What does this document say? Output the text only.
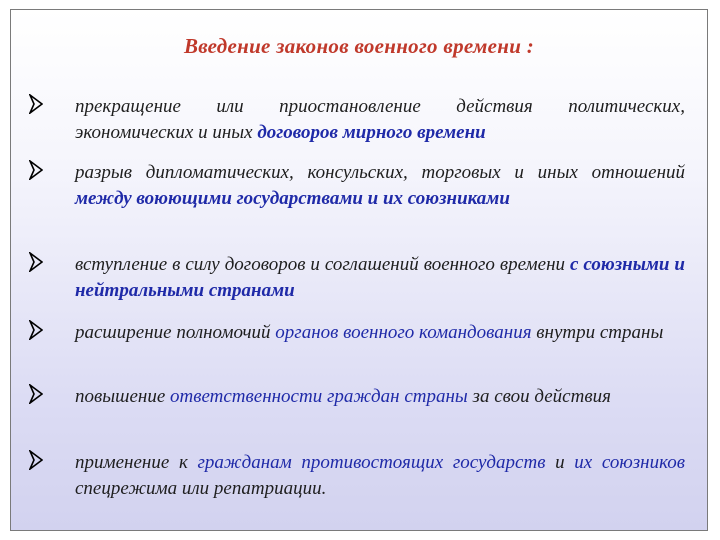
Введение законов военного времени :
прекращение или приостановление действия политических, экономических и иных договоров мирного времени
разрыв дипломатических, консульских, торговых и иных отношений между воюющими государствами и их союзниками
вступление в силу договоров и соглашений военного времени с союзными и нейтральными странами
расширение полномочий органов военного командования внутри страны
повышение ответственности граждан страны за свои действия
применение к гражданам противостоящих государств и их союзников спецрежима или репатриации.
